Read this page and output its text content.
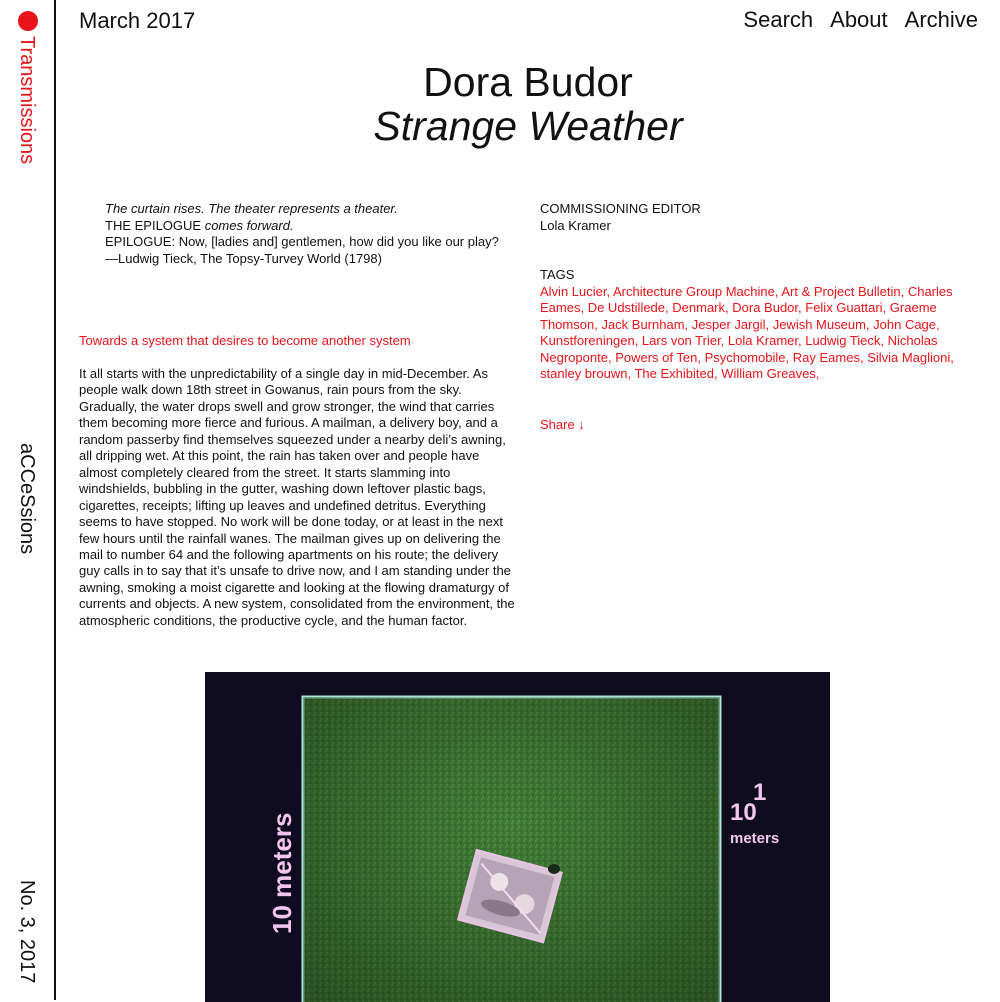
Transmissions
aCCeSsions
No. 3, 2017
March 2017	Search About Archive
Dora Budor
Strange Weather

The curtain rises. The theater represents a theater.

THE EPILOGUE comes forward.

EPILOGUE: Now, [ladies and] gentlemen, how did you like our play?

—Ludwig Tieck, The Topsy-Turvey World (1798)

Towards a system that desires to become another system

It all starts with the unpredictability of a single day in mid-December. As people walk down 18th street in Gowanus, rain pours from the sky. Gradually, the water drops swell and grow stronger, the wind that carries them becoming more fierce and furious. A mailman, a delivery boy, and a random passerby find themselves squeezed under a nearby deli’s awning, all dripping wet. At this point, the rain has taken over and people have almost completely cleared from the street. It starts slamming into windshields, bubbling in the gutter, washing down leftover plastic bags, cigarettes, receipts; lifting up leaves and undefined detritus. Everything seems to have stopped. No work will be done today, or at least in the next few hours until the rainfall wanes. The mailman gives up on delivering the mail to number 64 and the following apartments on his route; the delivery guy calls in to say that it’s unsafe to drive now, and I am standing under the awning, smoking a moist cigarette and looking at the flowing dramaturgy of currents and objects. A new system, consolidated from the environment, the atmospheric conditions, the productive cycle, and the human factor.

COMMISSIONING EDITOR
Lola Kramer
TAGS
Alvin Lucier, Architecture Group Machine, Art & Project Bulletin, Charles Eames, De Udstillede, Denmark, Dora Budor, Felix Guattari, Graeme Thomson, Jack Burnham, Jesper Jargil, Jewish Museum, John Cage, Kunstforeningen, Lars von Trier, Lola Kramer, Ludwig Tieck, Nicholas Negroponte, Powers of Ten, Psychomobile, Ray Eames, Silvia Maglioni, stanley brouwn, The Exhibited, William Greaves,
Share ↓
10 meters
1
10
meters
